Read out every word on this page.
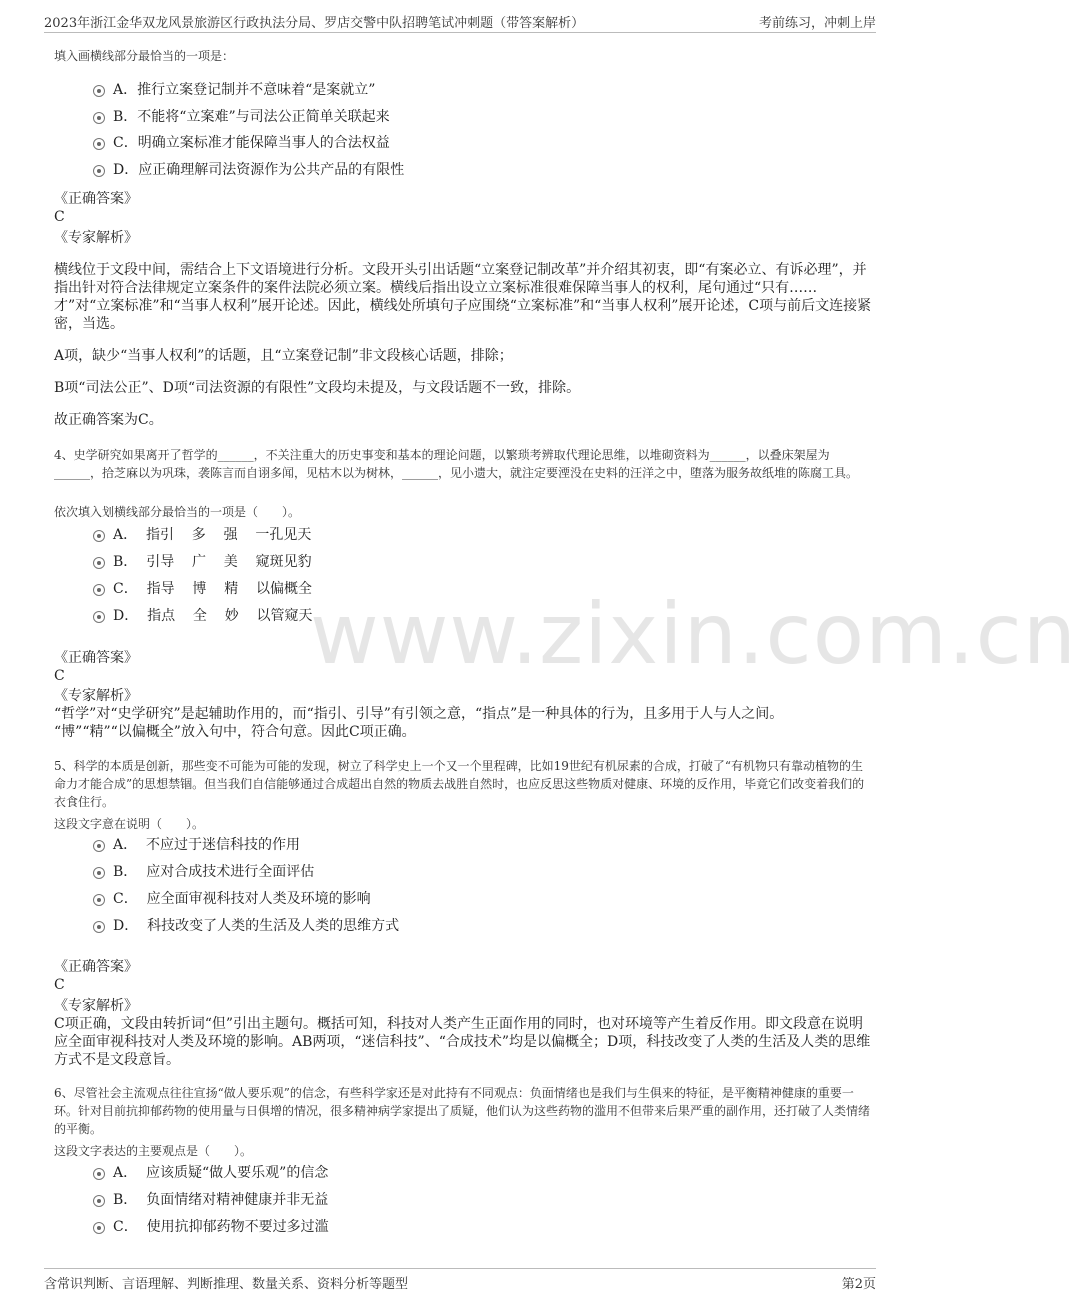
2023年浙江金华双龙风景旅游区行政执法分局、罗店交警中队招聘笔试冲刺题（带答案解析）	考前练习，冲刺上岸
www.zixin.com.cn
填入画横线部分最恰当的一项是：
A．推行立案登记制并不意味着“是案就立”
B．不能将“立案难”与司法公正简单关联起来
C．明确立案标准才能保障当事人的合法权益
D．应正确理解司法资源作为公共产品的有限性
《正确答案》
C
《专家解析》
横线位于文段中间，需结合上下文语境进行分析。文段开头引出话题“立案登记制改革”并介绍其初衷，即“有案必立、有诉必理”，并指出针对符合法律规定立案条件的案件法院必须立案。横线后指出设立立案标准很难保障当事人的权利，尾句通过“只有……才”对“立案标准”和“当事人权利”展开论述。因此，横线处所填句子应围绕“立案标准”和“当事人权利”展开论述，C项与前后文连接紧密，当选。
A项，缺少“当事人权利”的话题，且“立案登记制”非文段核心话题，排除；
B项“司法公正”、D项“司法资源的有限性”文段均未提及，与文段话题不一致，排除。
故正确答案为C。
4、史学研究如果离开了哲学的______，不关注重大的历史事变和基本的理论问题，以繁琐考辨取代理论思维，以堆砌资料为______，以叠床架屋为______，拾芝麻以为巩珠，袭陈言而自诩多闻，见枯木以为树林，______，见小遗大，就注定要湮没在史料的汪洋之中，堕落为服务故纸堆的陈腐工具。
依次填入划横线部分最恰当的一项是（　　）。
A．  指引    多    强    一孔见天
B．  引导    广    美    窥斑见豹
C．  指导    博    精    以偏概全
D．  指点    全    妙    以管窥天
《正确答案》
C
《专家解析》
“哲学”对“史学研究”是起辅助作用的，而“指引、引导”有引领之意，“指点”是一种具体的行为，且多用于人与人之间。
“博”“精”“以偏概全”放入句中，符合句意。因此C项正确。
5、科学的本质是创新，那些变不可能为可能的发现，树立了科学史上一个又一个里程碑，比如19世纪有机尿素的合成，打破了“有机物只有靠动植物的生命力才能合成”的思想禁锢。但当我们自信能够通过合成超出自然的物质去战胜自然时，也应反思这些物质对健康、环境的反作用，毕竟它们改变着我们的衣食住行。
这段文字意在说明（　　）。
A．  不应过于迷信科技的作用
B．  应对合成技术进行全面评估
C．  应全面审视科技对人类及环境的影响
D．  科技改变了人类的生活及人类的思维方式
《正确答案》
C
《专家解析》
C项正确，文段由转折词“但”引出主题句。概括可知，科技对人类产生正面作用的同时，也对环境等产生着反作用。即文段意在说明应全面审视科技对人类及环境的影响。AB两项，“迷信科技”、“合成技术”均是以偏概全；D项，科技改变了人类的生活及人类的思维方式不是文段意旨。
6、尽管社会主流观点往往宣扬“做人要乐观”的信念，有些科学家还是对此持有不同观点：负面情绪也是我们与生俱来的特征，是平衡精神健康的重要一环。针对目前抗抑郁药物的使用量与日俱增的情况，很多精神病学家提出了质疑，他们认为这些药物的滥用不但带来后果严重的副作用，还打破了人类情绪的平衡。
这段文字表达的主要观点是（　　）。
A．  应该质疑“做人要乐观”的信念
B．  负面情绪对精神健康并非无益
C．  使用抗抑郁药物不要过多过滥
含常识判断、言语理解、判断推理、数量关系、资料分析等题型	第2页
